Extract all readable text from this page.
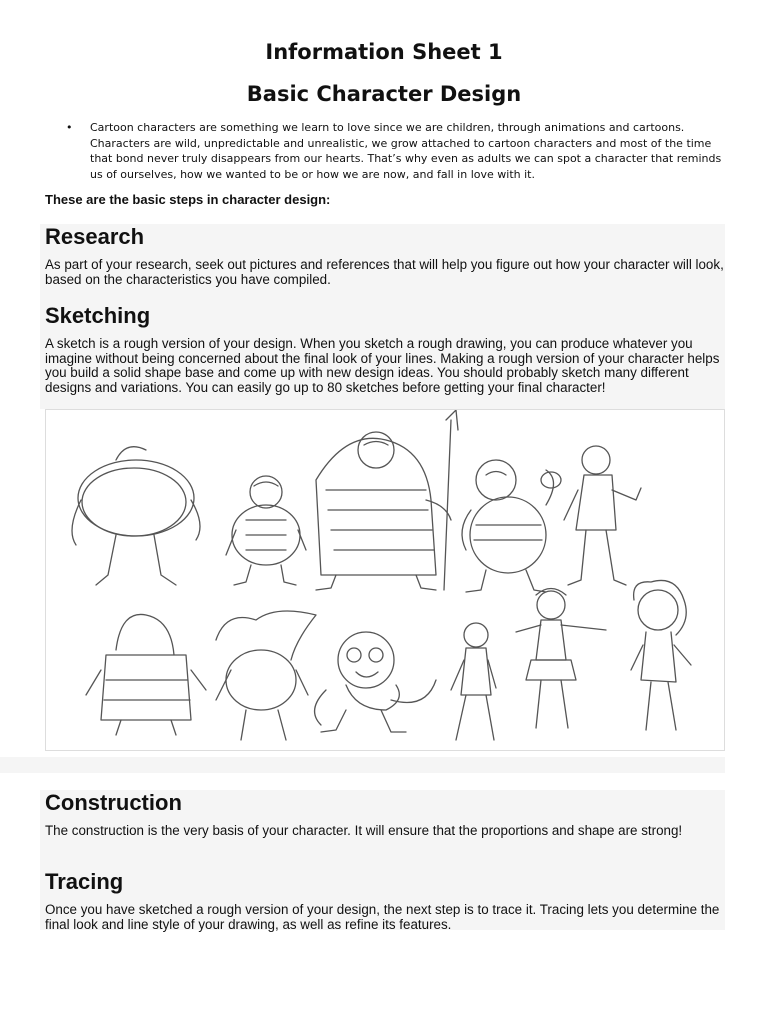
Information Sheet 1
Basic Character Design
• Cartoon characters are something we learn to love since we are children, through animations and cartoons. Characters are wild, unpredictable and unrealistic, we grow attached to cartoon characters and most of the time that bond never truly disappears from our hearts. That’s why even as adults we can spot a character that reminds us of ourselves, how we wanted to be or how we are now, and fall in love with it.
These are the basic steps in character design:
Research

As part of your research, seek out pictures and references that will help you figure out how your character will look, based on the characteristics you have compiled.

Sketching

A sketch is a rough version of your design. When you sketch a rough drawing, you can produce whatever you imagine without being concerned about the final look of your lines. Making a rough version of your character helps you build a solid shape base and come up with new design ideas. You should probably sketch many different designs and variations. You can easily go up to 80 sketches before getting your final character!

Construction

The construction is the very basis of your character. It will ensure that the proportions and shape are strong!

Tracing

Once you have sketched a rough version of your design, the next step is to trace it. Tracing lets you determine the final look and line style of your drawing, as well as refine its features.
